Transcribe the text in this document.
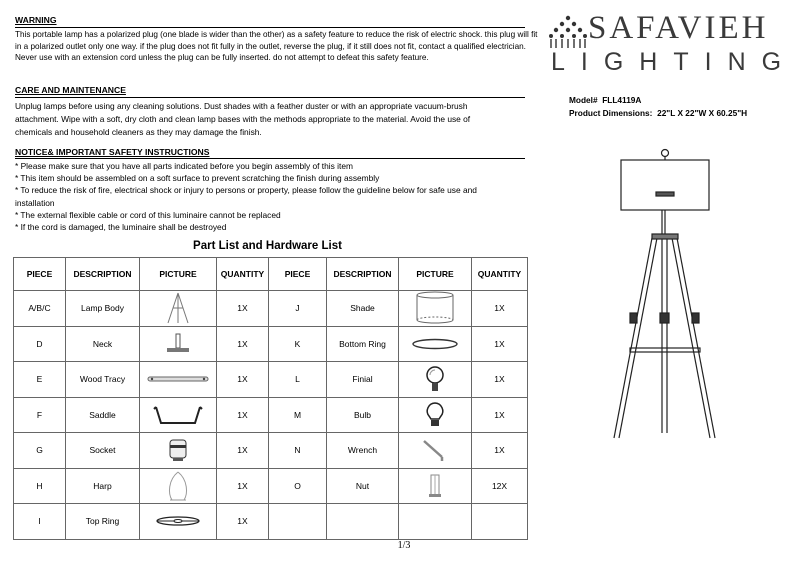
WARNING
This portable lamp has a polarized plug (one blade is wider than the other) as a safety feature to reduce the risk of electric shock. this plug will fit
in a polarized outlet only one way. if the plug does not fit fully in the outlet, reverse the plug, if it still does not fit, contact a qualified electrician.
Never use with an extension cord unless the plug can be fully inserted. do not attempt to defeat this safety feature.
CARE AND MAINTENANCE
Unplug lamps before using any cleaning solutions. Dust shades with a feather duster or with an appropriate vacuum-brush
attachment. Wipe with a soft, dry cloth and clean lamp bases with the methods appropriate to the material. Avoid the use of
chemicals and household cleaners as they may damage the finish.
NOTICE& IMPORTANT SAFETY INSTRUCTIONS
* Please make sure that you have all parts indicated before you begin assembly of this item
* This item should be assembled on a soft surface to prevent scratching the finish during assembly
* To reduce the risk of fire, electrical shock or injury to persons or property, please follow the guideline below for safe use and
installation
* The external flexible cable or cord of this luminaire cannot be replaced
* If the cord is damaged, the luminaire shall be destroyed
SAFAVIEH
LIGHTING
Model# FLL4119A
Product Dimensions: 22"L X 22"W X 60.25"H
Part List and Hardware List
PIECE	DESCRIPTION	PICTURE	QUANTITY	PIECE	DESCRIPTION	PICTURE	QUANTITY
A/B/C	Lamp Body		1X	J	Shade		1X
D	Neck		1X	K	Bottom Ring		1X
E	Wood Tracy		1X	L	Finial		1X
F	Saddle		1X	M	Bulb		1X
G	Socket		1X	N	Wrench		1X
H	Harp		1X	O	Nut		12X
I	Top Ring		1X				
1/3
